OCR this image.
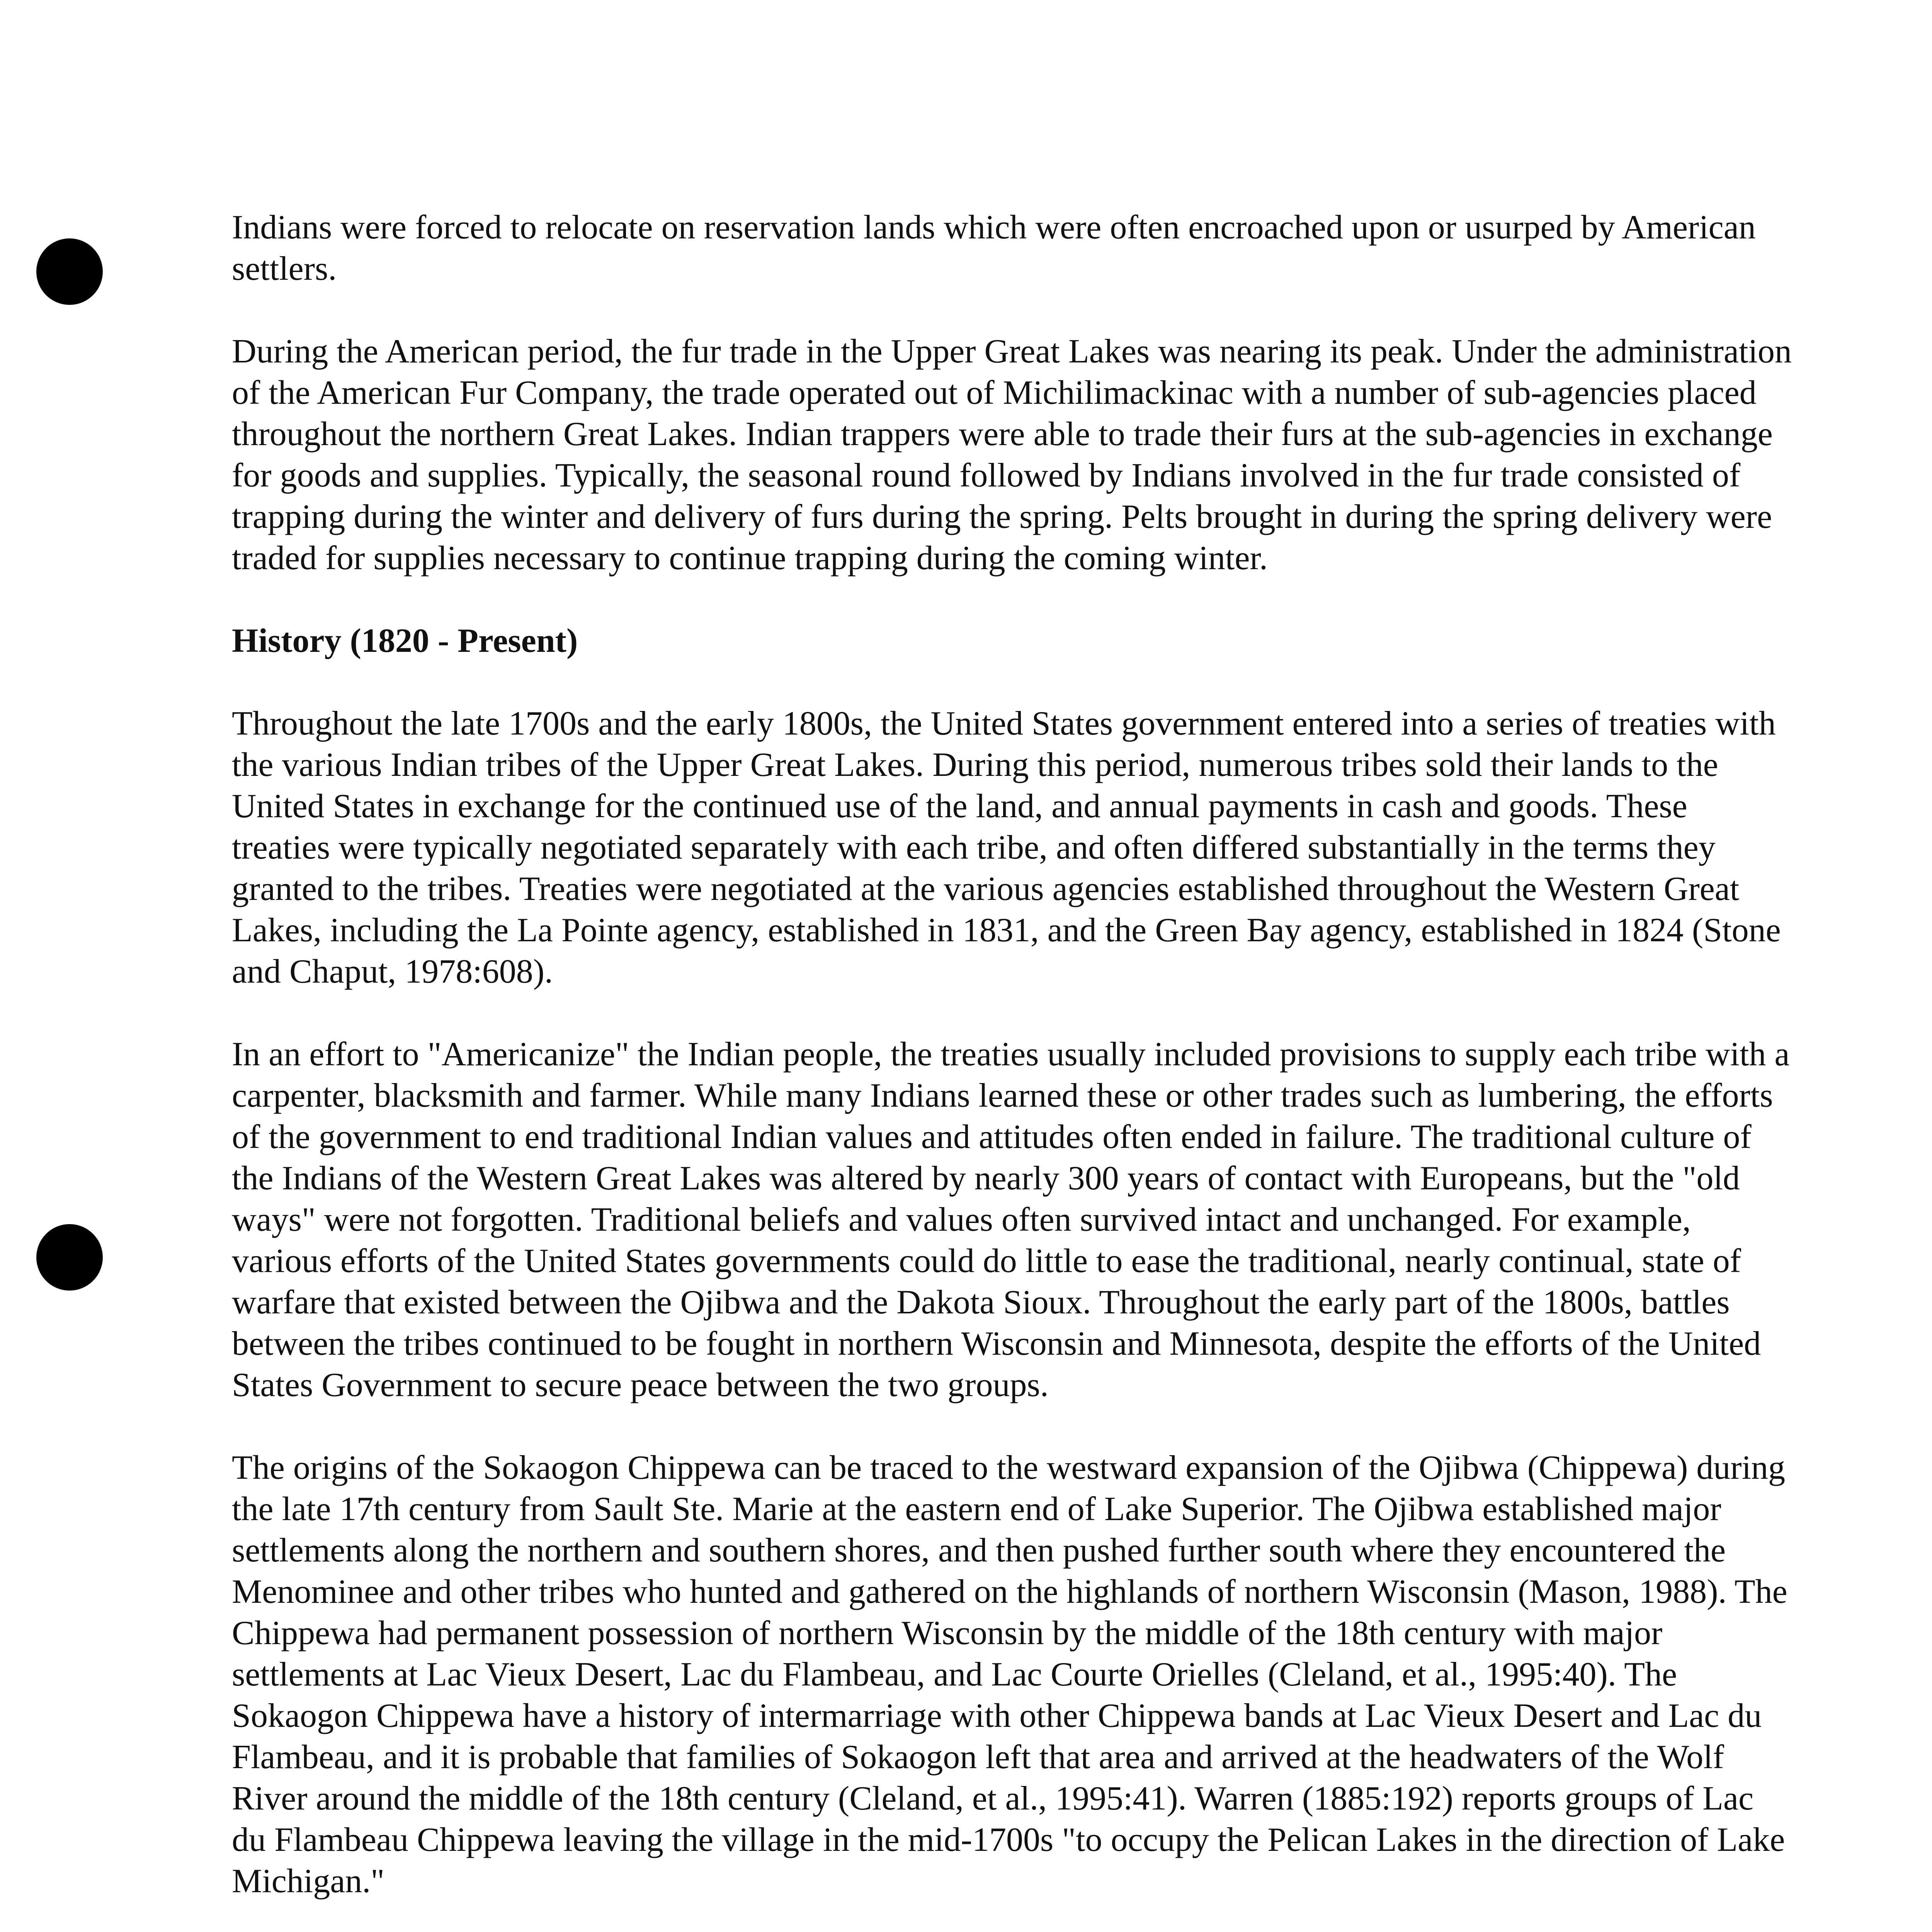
Indians were forced to relocate on reservation lands which were often encroached upon or usurped by American settlers.

During the American period, the fur trade in the Upper Great Lakes was nearing its peak. Under the administration of the American Fur Company, the trade operated out of Michilimackinac with a number of sub-agencies placed throughout the northern Great Lakes. Indian trappers were able to trade their furs at the sub-agencies in exchange for goods and supplies. Typically, the seasonal round followed by Indians involved in the fur trade consisted of trapping during the winter and delivery of furs during the spring. Pelts brought in during the spring delivery were traded for supplies necessary to continue trapping during the coming winter.

History (1820 - Present)

Throughout the late 1700s and the early 1800s, the United States government entered into a series of treaties with the various Indian tribes of the Upper Great Lakes. During this period, numerous tribes sold their lands to the United States in exchange for the continued use of the land, and annual payments in cash and goods. These treaties were typically negotiated separately with each tribe, and often differed substantially in the terms they granted to the tribes. Treaties were negotiated at the various agencies established throughout the Western Great Lakes, including the La Pointe agency, established in 1831, and the Green Bay agency, established in 1824 (Stone and Chaput, 1978:608).

In an effort to "Americanize" the Indian people, the treaties usually included provisions to supply each tribe with a carpenter, blacksmith and farmer. While many Indians learned these or other trades such as lumbering, the efforts of the government to end traditional Indian values and attitudes often ended in failure. The traditional culture of the Indians of the Western Great Lakes was altered by nearly 300 years of contact with Europeans, but the "old ways" were not forgotten. Traditional beliefs and values often survived intact and unchanged. For example, various efforts of the United States governments could do little to ease the traditional, nearly continual, state of warfare that existed between the Ojibwa and the Dakota Sioux. Throughout the early part of the 1800s, battles between the tribes continued to be fought in northern Wisconsin and Minnesota, despite the efforts of the United States Government to secure peace between the two groups.

The origins of the Sokaogon Chippewa can be traced to the westward expansion of the Ojibwa (Chippewa) during the late 17th century from Sault Ste. Marie at the eastern end of Lake Superior. The Ojibwa established major settlements along the northern and southern shores, and then pushed further south where they encountered the Menominee and other tribes who hunted and gathered on the highlands of northern Wisconsin (Mason, 1988). The Chippewa had permanent possession of northern Wisconsin by the middle of the 18th century with major settlements at Lac Vieux Desert, Lac du Flambeau, and Lac Courte Orielles (Cleland, et al., 1995:40). The Sokaogon Chippewa have a history of intermarriage with other Chippewa bands at Lac Vieux Desert and Lac du Flambeau, and it is probable that families of Sokaogon left that area and arrived at the headwaters of the Wolf River around the middle of the 18th century (Cleland, et al., 1995:41). Warren (1885:192) reports groups of Lac du Flambeau Chippewa leaving the village in the mid-1700s "to occupy the Pelican Lakes in the direction of Lake Michigan."
